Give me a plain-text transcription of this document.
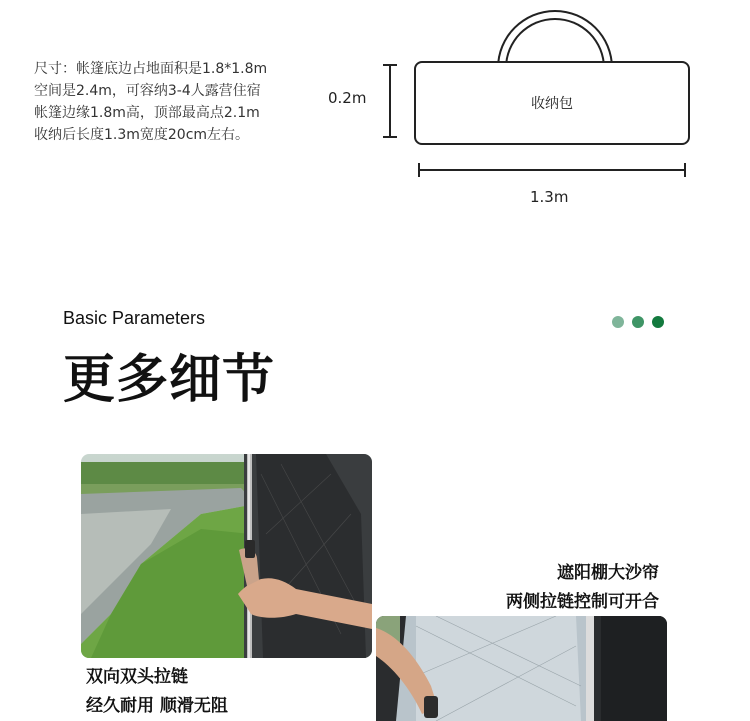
尺寸：帐篷底边占地面积是1.8*1.8m
空间是2.4m，可容纳3-4人露营住宿
帐篷边缘1.8m高，顶部最高点2.1m
收纳后长度1.3m宽度20cm左右。
收纳包
0.2m
1.3m
Basic Parameters
更多细节
双向双头拉链
经久耐用 顺滑无阻
遮阳棚大沙帘
两侧拉链控制可开合
